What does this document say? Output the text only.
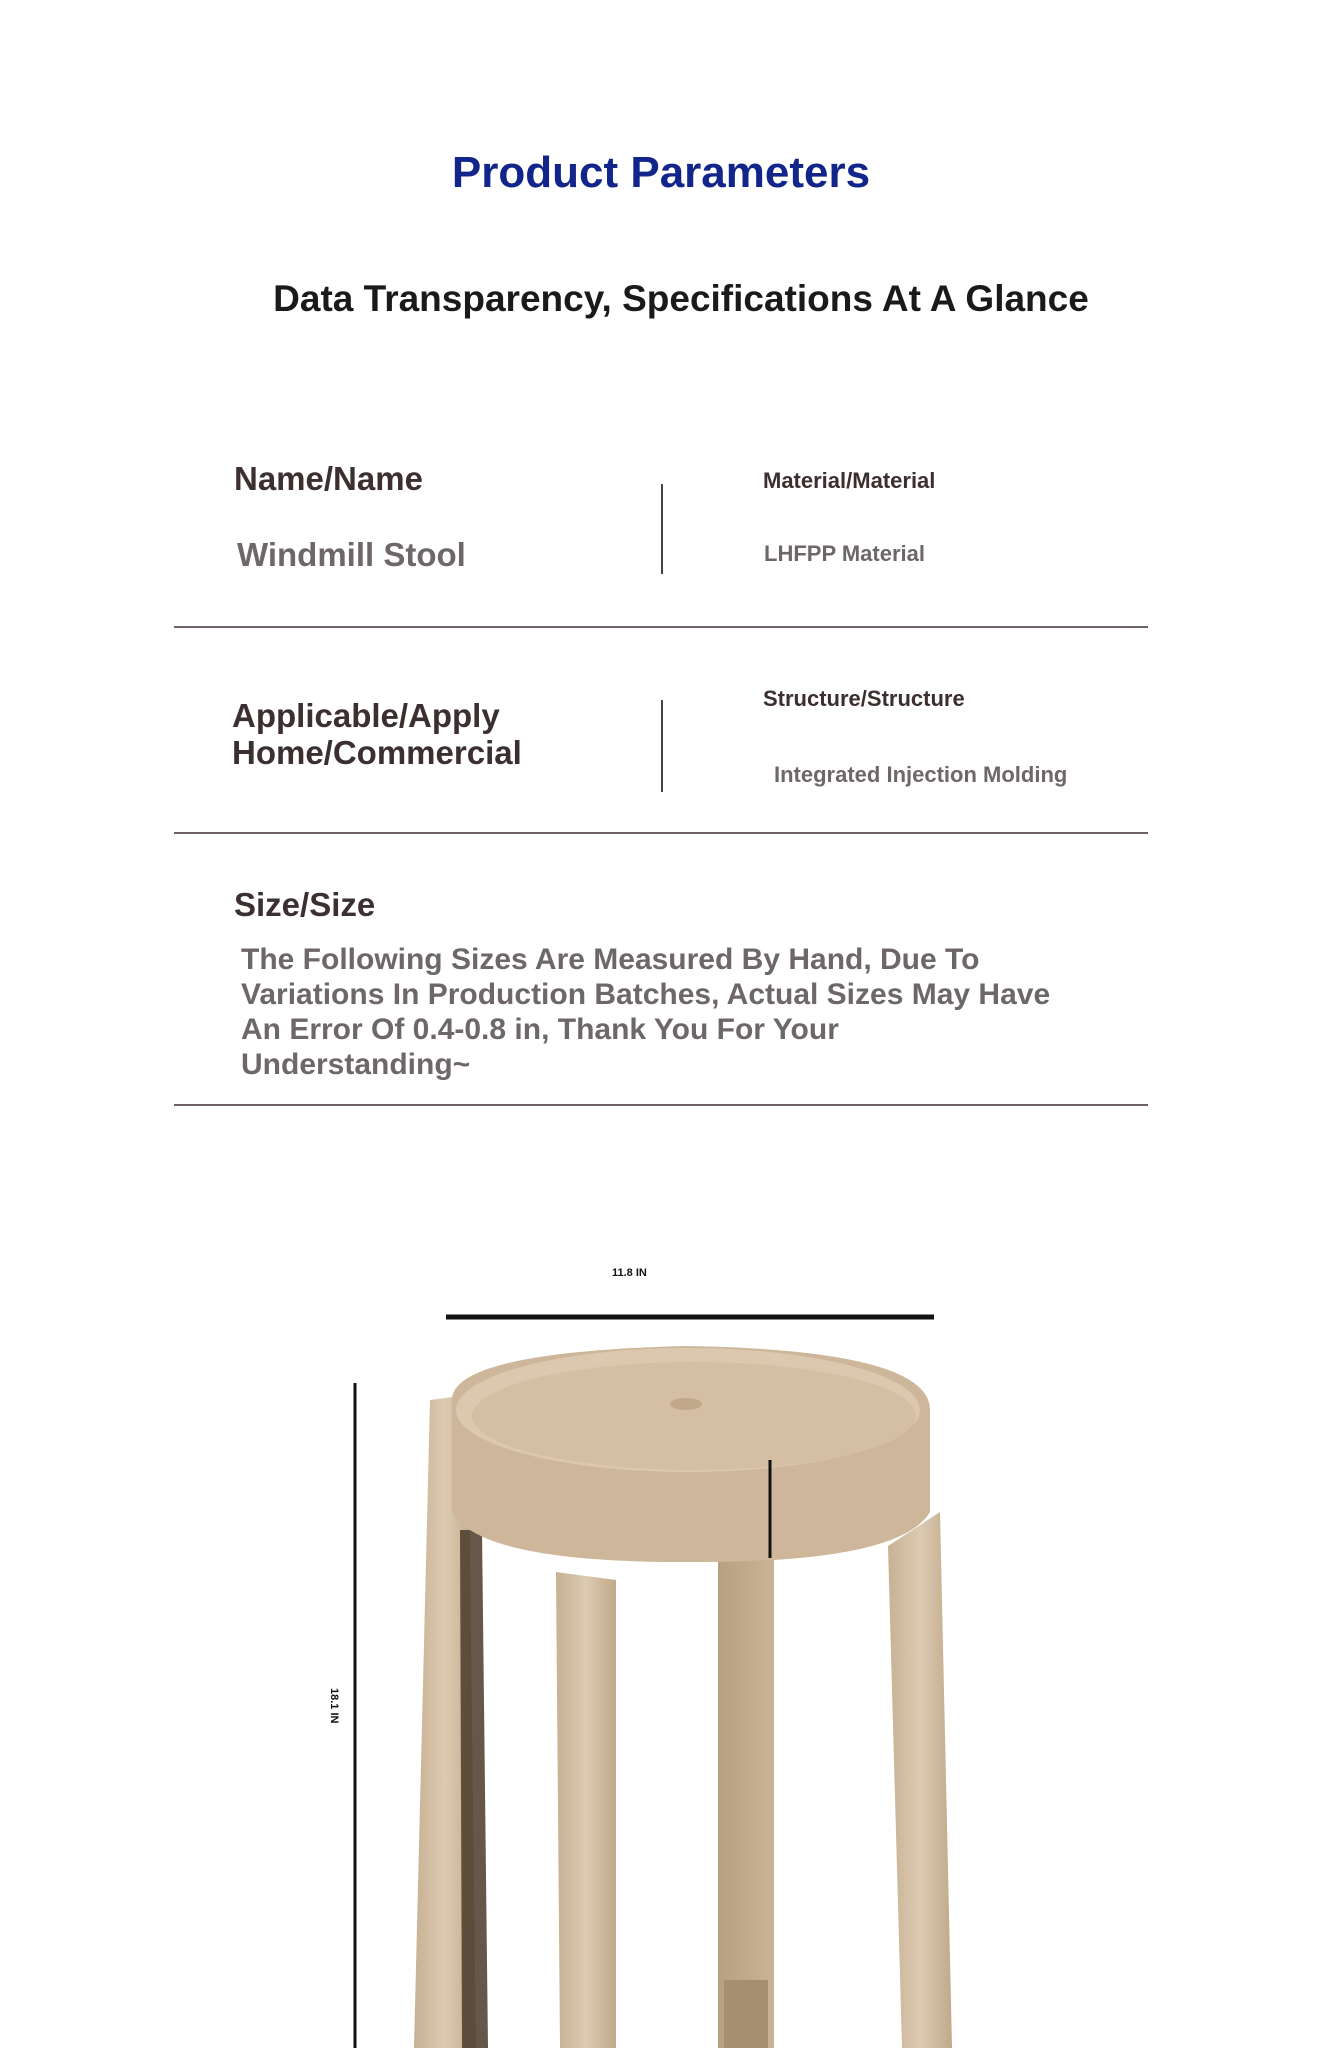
Product Parameters
Data Transparency, Specifications At A Glance
Name/Name
Windmill Stool
Material/Material
LHFPP Material
Applicable/Apply
Home/Commercial
Structure/Structure
Integrated Injection Molding
Size/Size
The Following Sizes Are Measured By Hand, Due To
Variations In Production Batches, Actual Sizes May Have
An Error Of 0.4-0.8 in, Thank You For Your
Understanding~
11.8 IN
18.1 IN
